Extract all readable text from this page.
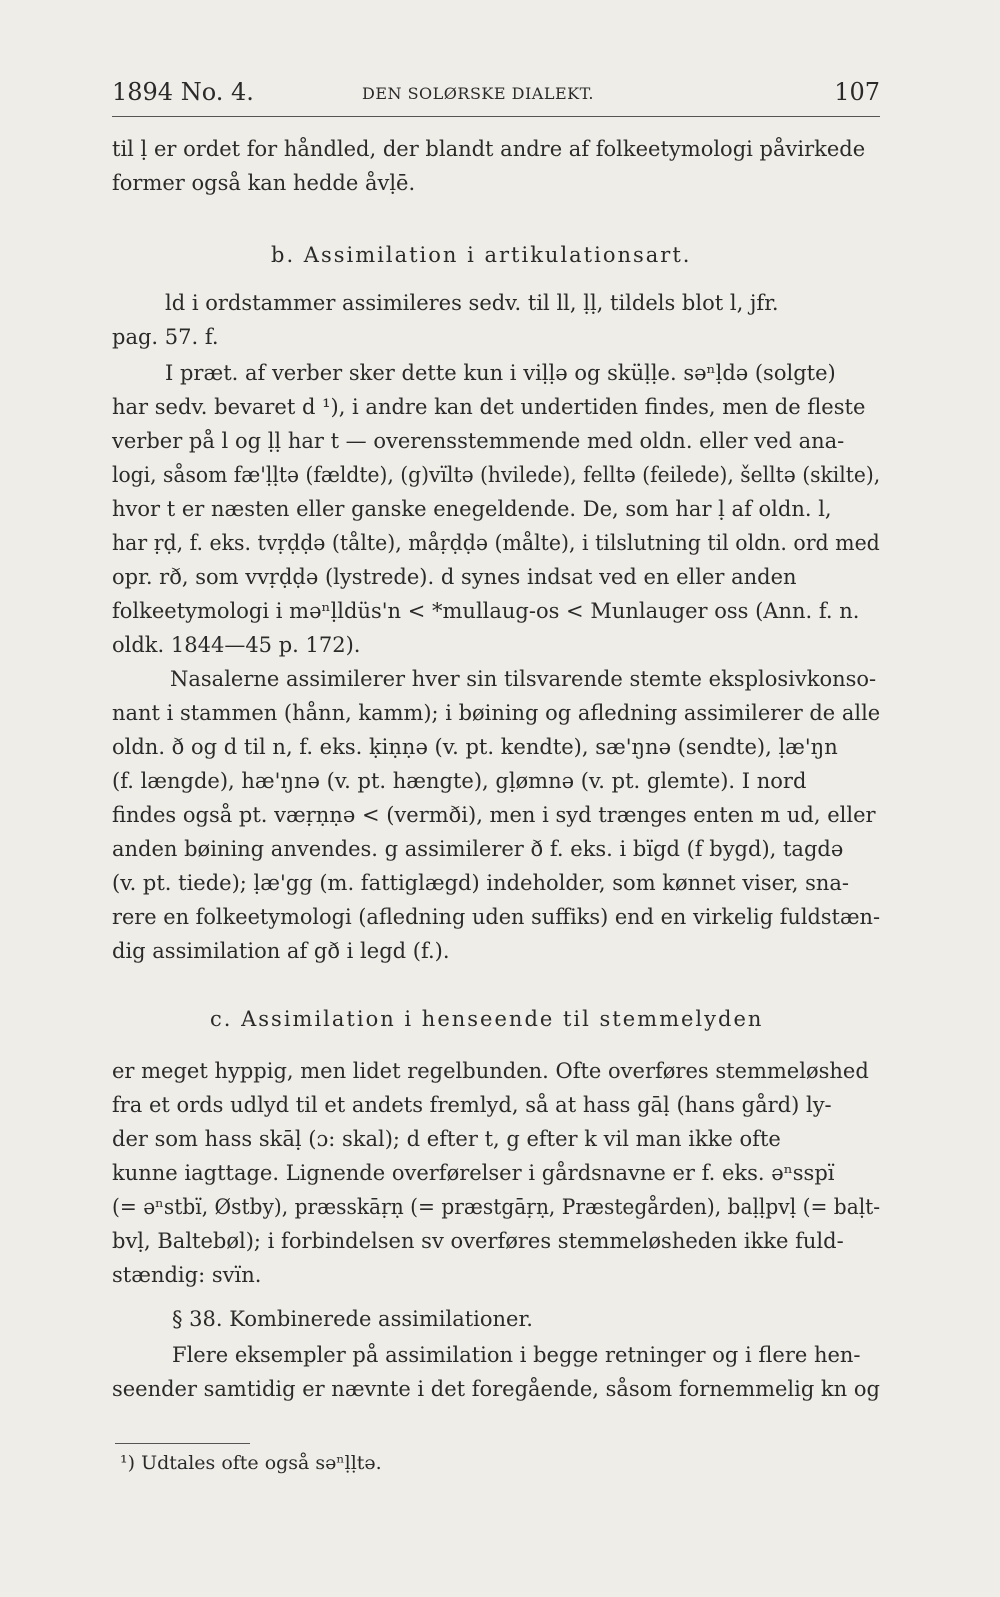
1894 No. 4.	DEN SOLØRSKE DIALEKT.	107
til ḷ er ordet for håndled, der blandt andre af folkeetymologi påvirkede
former også kan hedde åvḷē.
b. Assimilation i artikulationsart.
ld i ordstammer assimileres sedv. til ll, ḷḷ, tildels blot l, jfr.
pag. 57. f.
I præt. af verber sker dette kun i viḷḷə og skü̇ḷḷe. səⁿḷdə (solgte)
har sedv. bevaret d ¹), i andre kan det undertiden findes, men de fleste
verber på l og ḷḷ har t — overensstemmende med oldn. eller ved ana-
logi, såsom fæ'ḷḷtə (fældte), (g)vïltə (hvilede), felltə (feilede), šelltə (skilte),
hvor t er næsten eller ganske enegeldende. De, som har ḷ af oldn. l,
har ṛḍ, f. eks. tvṛḍḍə (tålte), måṛḍḍə (målte), i tilslutning til oldn. ord med
opr. rð, som vvṛḍḍə (lystrede). d synes indsat ved en eller anden
folkeetymologi i məⁿḷldüs'n < *mullaug-os < Munlauger oss (Ann. f. n.
oldk. 1844—45 p. 172).
Nasalerne assimilerer hver sin tilsvarende stemte eksplosivkonso-
nant i stammen (hånn, kamm); i bøining og afledning assimilerer de alle
oldn. ð og d til n, f. eks. ḳiṇṇə (v. pt. kendte), sæ'ŋnə (sendte), ḷæ'ŋn
(f. længde), hæ'ŋnə (v. pt. hængte), gḷømnə (v. pt. glemte). I nord
findes også pt. væṛṇṇə < (vermði), men i syd trænges enten m ud, eller
anden bøining anvendes. g assimilerer ð f. eks. i bïgd (f bygd), tagdə
(v. pt. tiede); ḷæ'gg (m. fattiglægd) indeholder, som kønnet viser, sna-
rere en folkeetymologi (afledning uden suffiks) end en virkelig fuldstæn-
dig assimilation af gð i legd (f.).
c. Assimilation i henseende til stemmelyden
er meget hyppig, men lidet regelbunden. Ofte overføres stemmeløshed
fra et ords udlyd til et andets fremlyd, så at hass gāḷ (hans gård) ly-
der som hass skāḷ (ɔ: skal); d efter t, g efter k vil man ikke ofte
kunne iagttage. Lignende overførelser i gårdsnavne er f. eks. əⁿsspï
(= əⁿstbï, Østby), præsskāṛṇ (= præstgāṛṇ, Præstegården), baḷḷpvḷ (= baḷt-
bvḷ, Baltebøl); i forbindelsen sv overføres stemmeløsheden ikke fuld-
stændig: svïn.
§ 38. Kombinerede assimilationer.
Flere eksempler på assimilation i begge retninger og i flere hen-
seender samtidig er nævnte i det foregående, såsom fornemmelig kn og
¹) Udtales ofte også səⁿḷḷtə.
